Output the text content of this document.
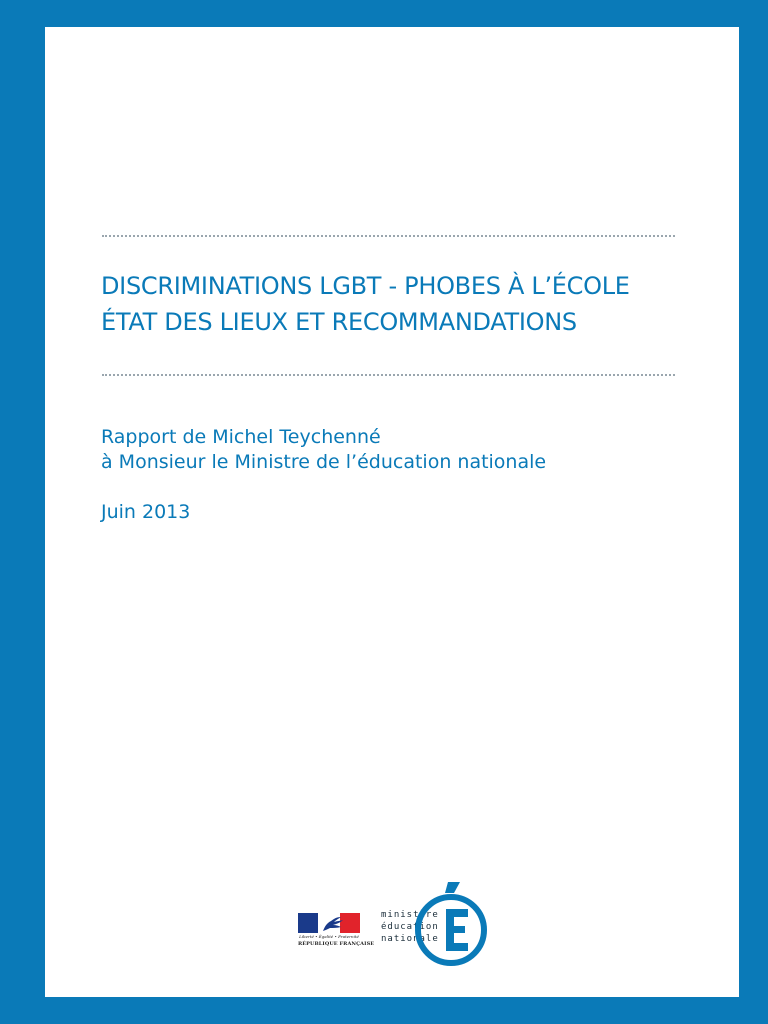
DISCRIMINATIONS LGBT - PHOBES À L’ÉCOLE
ÉTAT DES LIEUX ET RECOMMANDATIONS
Rapport de Michel Teychenné
à Monsieur le Ministre de l’éducation nationale
Juin 2013
Liberté • Égalité • Fraternité
RÉPUBLIQUE FRANÇAISE
ministère
éducation
nationale
